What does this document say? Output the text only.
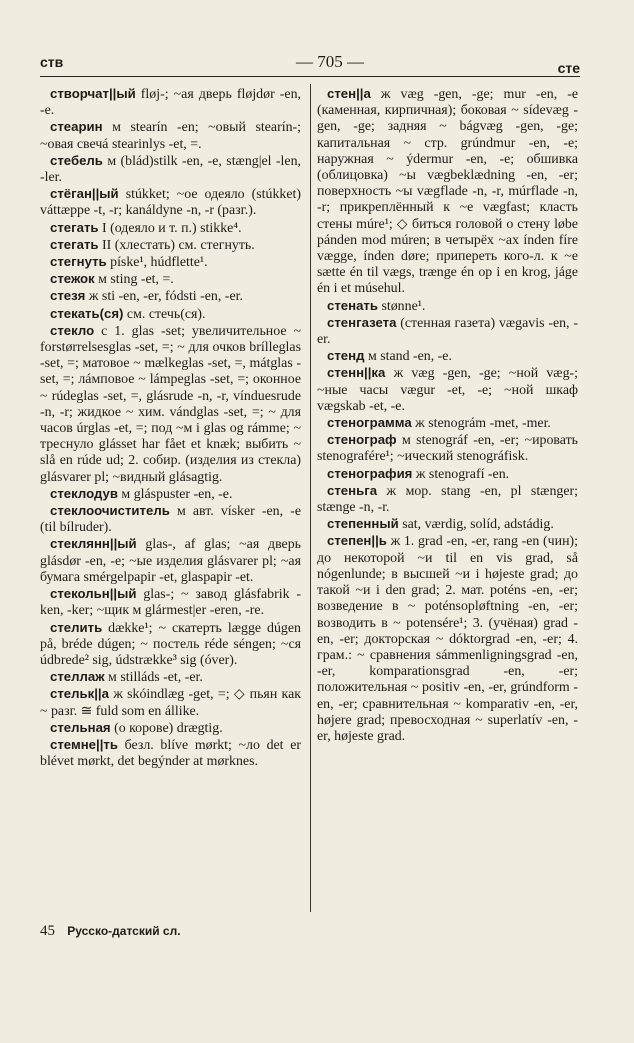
ств	— 705 —	сте

створчат||ый fløj-; ~ая дверь fløjdør -en, -e.

стеарин м stearín -en; ~овый stearín-; ~овая свечá stearinlys -et, =.

стебель м (blád)stilk -en, -e, stæng|el -len, -ler.

стёган||ый stúkket; ~ое одеяло (stúkket) váttæppe -t, -r; kanáldyne -n, -r (разг.).

стегать I (одеяло и т. п.) stikke⁴.

стегать II (хлестать) см. стегнуть.

стегнуть píske¹, húdflette¹.

стежок м sting -et, =.

стезя ж sti -en, -er, fódsti -en, -er.

стекать(ся) см. стечь(ся).

стекло с 1. glas -set; увеличительное ~ forstørrelsesglas -set, =; ~ для очков brílleglas -set, =; матовое ~ mælkeglas -set, =, mátglas -set, =; лáмповое ~ lámpeglas -set, =; оконное ~ rúdeglas -set, =, glásrude -n, -r, vínduesrude -n, -r; жидкое ~ хим. vándglas -set, =; ~ для часов úrglas -et, =; под ~м i glas og rámme; ~ треснуло glásset har fået et knæk; выбить ~ slå en rúde ud; 2. собир. (изделия из стекла) glásvarer pl; ~видный glásagtig.

стеклодув м gláspuster -en, -e.

стеклоочиститель м авт. vísker -en, -e (til bílruder).

стеклянн||ый glas-, af glas; ~ая дверь glásdør -en, -e; ~ые изделия glásvarer pl; ~ая бумага smérgelpapir -et, glaspapir -et.

стекольн||ый glas-; ~ завод glásfabrik -ken, -ker; ~щик м glármest|er -eren, -re.

стелить dække¹; ~ скатерть lægge dúgen på, bréde dúgen; ~ постель réde séngen; ~ся údbrede² sig, údstrække³ sig (óver).

стеллаж м stilláds -et, -er.

стельк||а ж skóindlæg -get, =; ◇ пьян как ~ разг. ≅ fuld som en állike.

стельная (о корове) drægtig.

стемне||ть безл. blíve mørkt; ~ло det er blévet mørkt, det begýnder at mørknes.

стен||а ж væg -gen, -ge; mur -en, -e (каменная, кирпичная); боковая ~ sídevæg -gen, -ge; задняя ~ bágvæg -gen, -ge; капитальная ~ стр. grúndmur -en, -e; наружная ~ ýdermur -en, -e; обшивка (облицовка) ~ы vægbeklædning -en, -er; поверхность ~ы vægflade -n, -r, múrflade -n, -r; прикреплённый к ~е vægfast; класть стены múre¹; ◇ биться головой о стену løbe pánden mod múren; в четырёх ~ах índen fíre vægge, índen døre; припереть кого-л. к ~е sætte én til vægs, trænge én op i en krog, jáge én i et músehul.

стенать stønne¹.

стенгазета (стенная газета) vægavis -en, -er.

стенд м stand -en, -e.

стенн||ка ж væg -gen, -ge; ~ной væg-; ~ные часы vægur -et, -e; ~ной шкаф vægskab -et, -e.

стенограмма ж stenográm -met, -mer.

стенограф м stenográf -en, -er; ~ировать stenografére¹; ~ический stenográfisk.

стенография ж stenografí -en.

стеньга ж мор. stang -en, pl stænger; stænge -n, -r.

степенный sat, værdig, solíd, adstádig.

степен||ь ж 1. grad -en, -er, rang -en (чин); до некоторой ~и til en vis grad, så nógenlunde; в высшей ~и i højeste grad; до такой ~и i den grad; 2. мат. poténs -en, -er; возведение в ~ poténsopløftning -en, -er; возводить в ~ potensére¹; 3. (учёная) grad -en, -er; докторская ~ dóktorgrad -en, -er; 4. грам.: ~ сравнения sámmenligningsgrad -en, -er, komparationsgrad -en, -er; положительная ~ positiv -en, -er, grúndform -en, -er; сравнительная ~ komparativ -en, -er, højere grad; превосходная ~ superlatív -en, -er, højeste grad.

45 Русско-датский сл.
